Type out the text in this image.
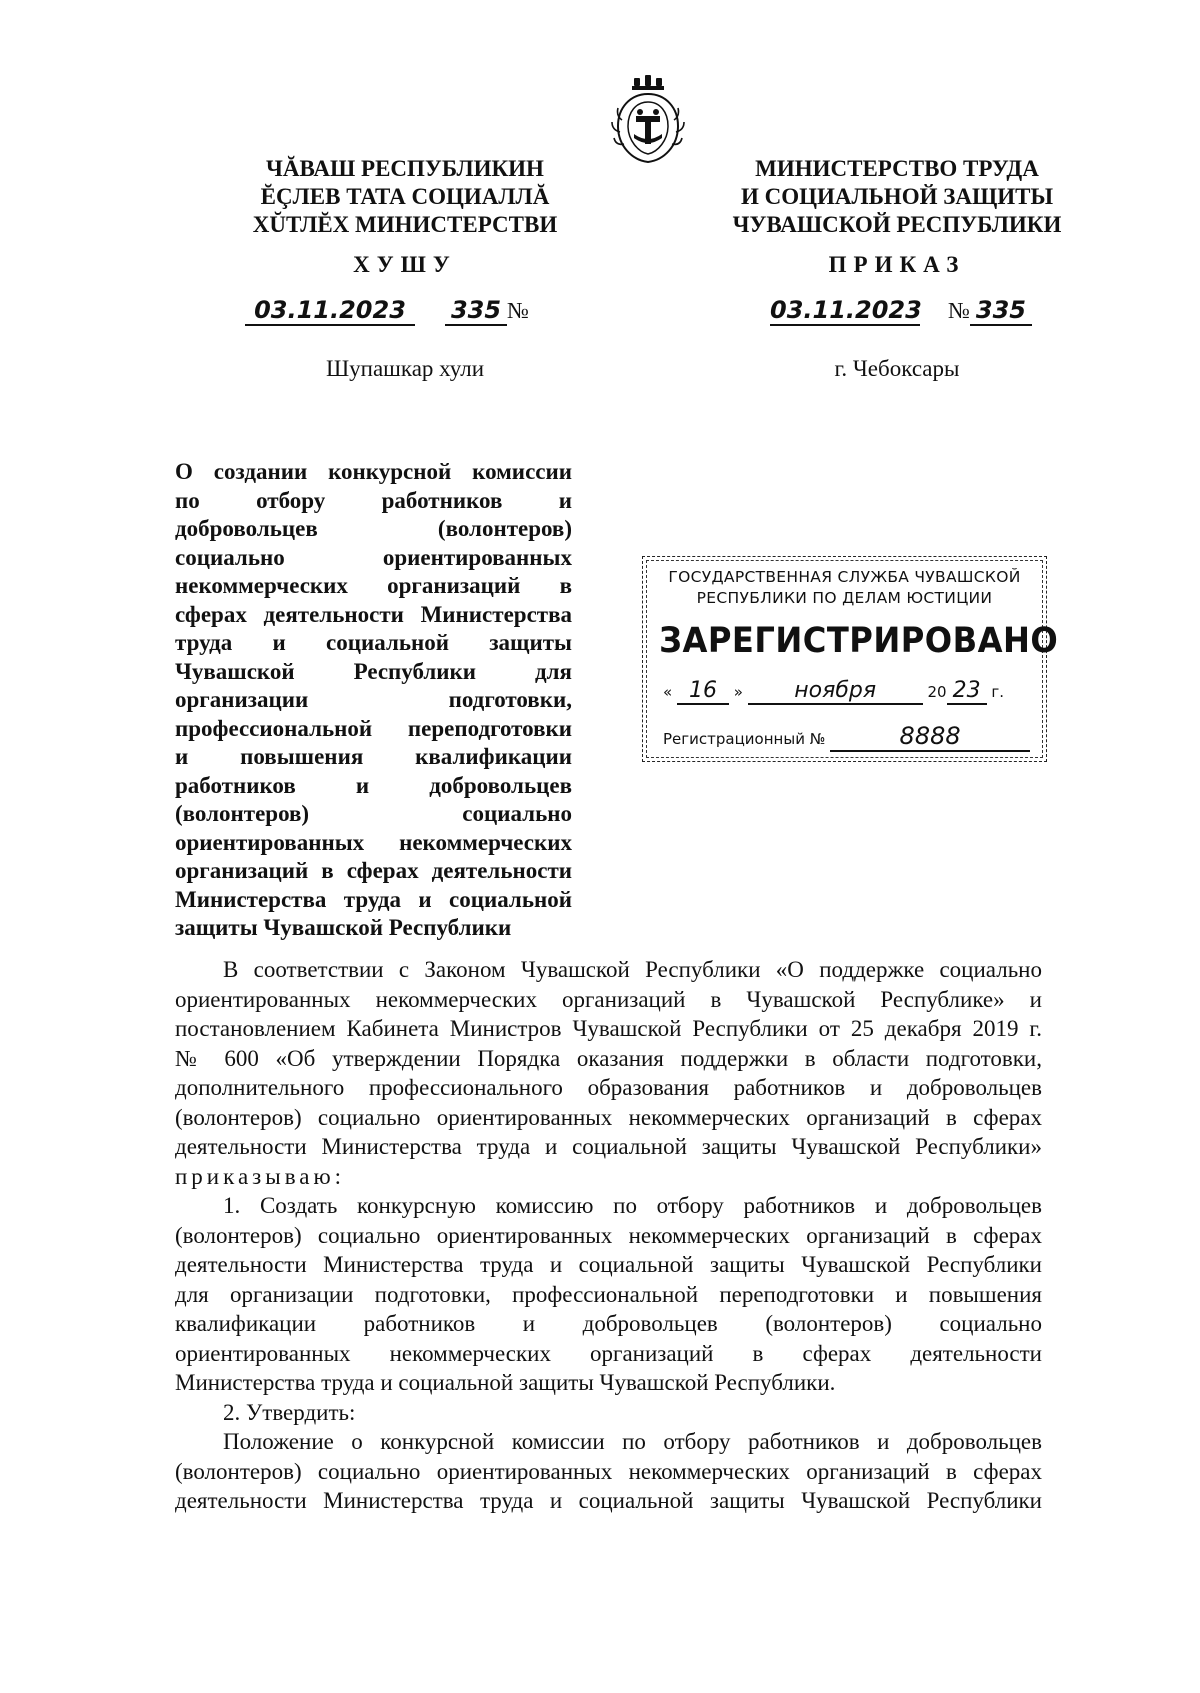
ЧĂВАШ РЕСПУБЛИКИН
ĔÇЛЕВ ТАТА СОЦИАЛЛĂ
ХŬТЛĔХ МИНИСТЕРСТВИ
МИНИСТЕРСТВО ТРУДА
И СОЦИАЛЬНОЙ ЗАЩИТЫ
ЧУВАШСКОЙ РЕСПУБЛИКИ
ХУШУ	ПРИКАЗ
03.11.2023 335 №	03.11.2023 № 335
Шупашкар хули	г. Чебоксары
О создании конкурсной комиссии
по отбору работников и
добровольцев (волонтеров)
социально ориентированных
некоммерческих организаций в
сферах деятельности Министерства
труда и социальной защиты
Чувашской Республики для
организации подготовки,
профессиональной переподготовки
и повышения квалификации
работников и добровольцев
(волонтеров) социально
ориентированных некоммерческих
организаций в сферах деятельности
Министерства труда и социальной
защиты Чувашской Республики
ГОСУДАРСТВЕННАЯ СЛУЖБА ЧУВАШСКОЙ
РЕСПУБЛИКИ ПО ДЕЛАМ ЮСТИЦИИ
ЗАРЕГИСТРИРОВАНО
« 16 » ноября	20 23 г.
Регистрационный №	8888
В соответствии с Законом Чувашской Республики «О поддержке социально
ориентированных некоммерческих организаций в Чувашской Республике» и
постановлением Кабинета Министров Чувашской Республики от 25 декабря 2019 г.
№ 600 «Об утверждении Порядка оказания поддержки в области подготовки,
дополнительного профессионального образования работников и добровольцев
(волонтеров) социально ориентированных некоммерческих организаций в сферах
деятельности Министерства труда и социальной защиты Чувашской Республики»
приказываю:
1. Создать конкурсную комиссию по отбору работников и добровольцев
(волонтеров) социально ориентированных некоммерческих организаций в сферах
деятельности Министерства труда и социальной защиты Чувашской Республики
для организации подготовки, профессиональной переподготовки и повышения
квалификации работников и добровольцев (волонтеров) социально
ориентированных некоммерческих организаций в сферах деятельности
Министерства труда и социальной защиты Чувашской Республики.
2. Утвердить:
Положение о конкурсной комиссии по отбору работников и добровольцев
(волонтеров) социально ориентированных некоммерческих организаций в сферах
деятельности Министерства труда и социальной защиты Чувашской Республики
